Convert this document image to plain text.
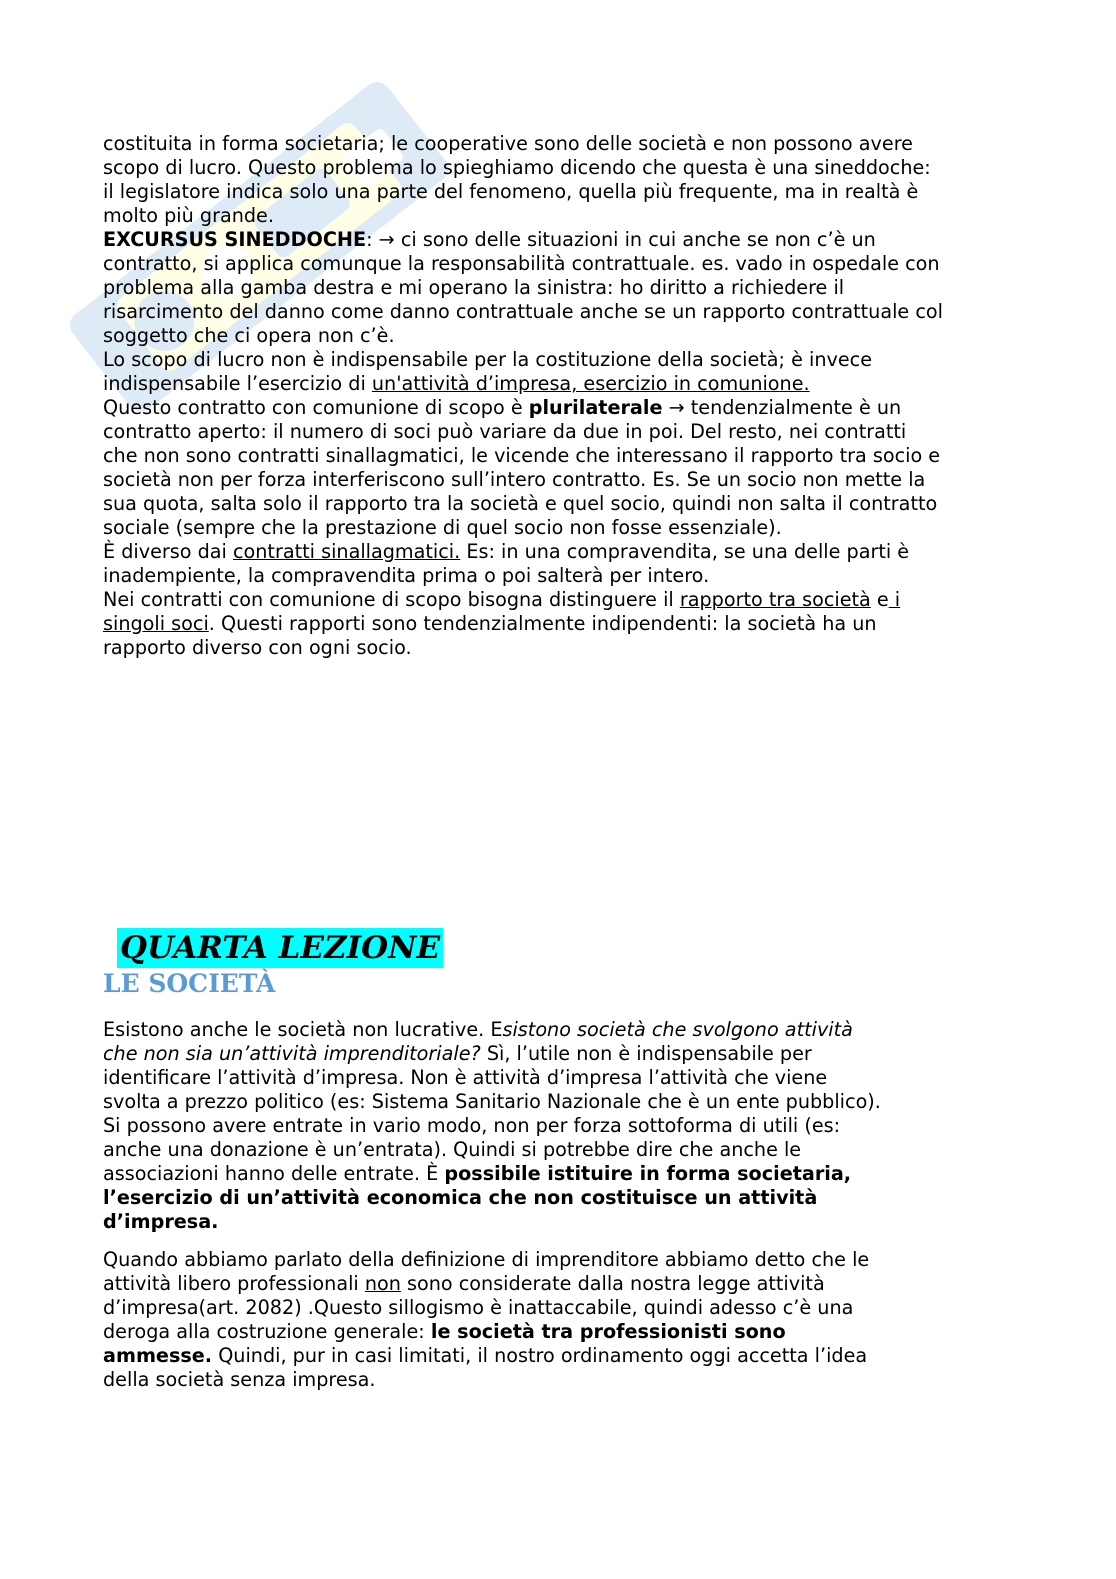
costituita in forma societaria; le cooperative sono delle società e non possono avere

scopo di lucro. Questo problema lo spieghiamo dicendo che questa è una sineddoche:

il legislatore indica solo una parte del fenomeno, quella più frequente, ma in realtà è

molto più grande.

EXCURSUS SINEDDOCHE: → ci sono delle situazioni in cui anche se non c’è un

contratto, si applica comunque la responsabilità contrattuale. es. vado in ospedale con

problema alla gamba destra e mi operano la sinistra: ho diritto a richiedere il

risarcimento del danno come danno contrattuale anche se un rapporto contrattuale col

soggetto che ci opera non c’è.

Lo scopo di lucro non è indispensabile per la costituzione della società; è invece

indispensabile l’esercizio di un'attività d’impresa, esercizio in comunione.

Questo contratto con comunione di scopo è plurilaterale → tendenzialmente è un

contratto aperto: il numero di soci può variare da due in poi. Del resto, nei contratti

che non sono contratti sinallagmatici, le vicende che interessano il rapporto tra socio e

società non per forza interferiscono sull’intero contratto. Es. Se un socio non mette la

sua quota, salta solo il rapporto tra la società e quel socio, quindi non salta il contratto

sociale (sempre che la prestazione di quel socio non fosse essenziale).

È diverso dai contratti sinallagmatici. Es: in una compravendita, se una delle parti è

inadempiente, la compravendita prima o poi salterà per intero.

Nei contratti con comunione di scopo bisogna distinguere il rapporto tra società e i

singoli soci. Questi rapporti sono tendenzialmente indipendenti: la società ha un

rapporto diverso con ogni socio.

QUARTA LEZIONE
LE SOCIETÀ

Esistono anche le società non lucrative. Esistono società che svolgono attività

che non sia un’attività imprenditoriale? Sì, l’utile non è indispensabile per

identificare l’attività d’impresa. Non è attività d’impresa l’attività che viene

svolta a prezzo politico (es: Sistema Sanitario Nazionale che è un ente pubblico).

Si possono avere entrate in vario modo, non per forza sottoforma di utili (es:

anche una donazione è un’entrata). Quindi si potrebbe dire che anche le

associazioni hanno delle entrate. È possibile istituire in forma societaria,

l’esercizio di un’attività economica che non costituisce un attività

d’impresa.

Quando abbiamo parlato della definizione di imprenditore abbiamo detto che le

attività libero professionali non sono considerate dalla nostra legge attività

d’impresa(art. 2082) .Questo sillogismo è inattaccabile, quindi adesso c’è una

deroga alla costruzione generale: le società tra professionisti sono

ammesse. Quindi, pur in casi limitati, il nostro ordinamento oggi accetta l’idea

della società senza impresa.
